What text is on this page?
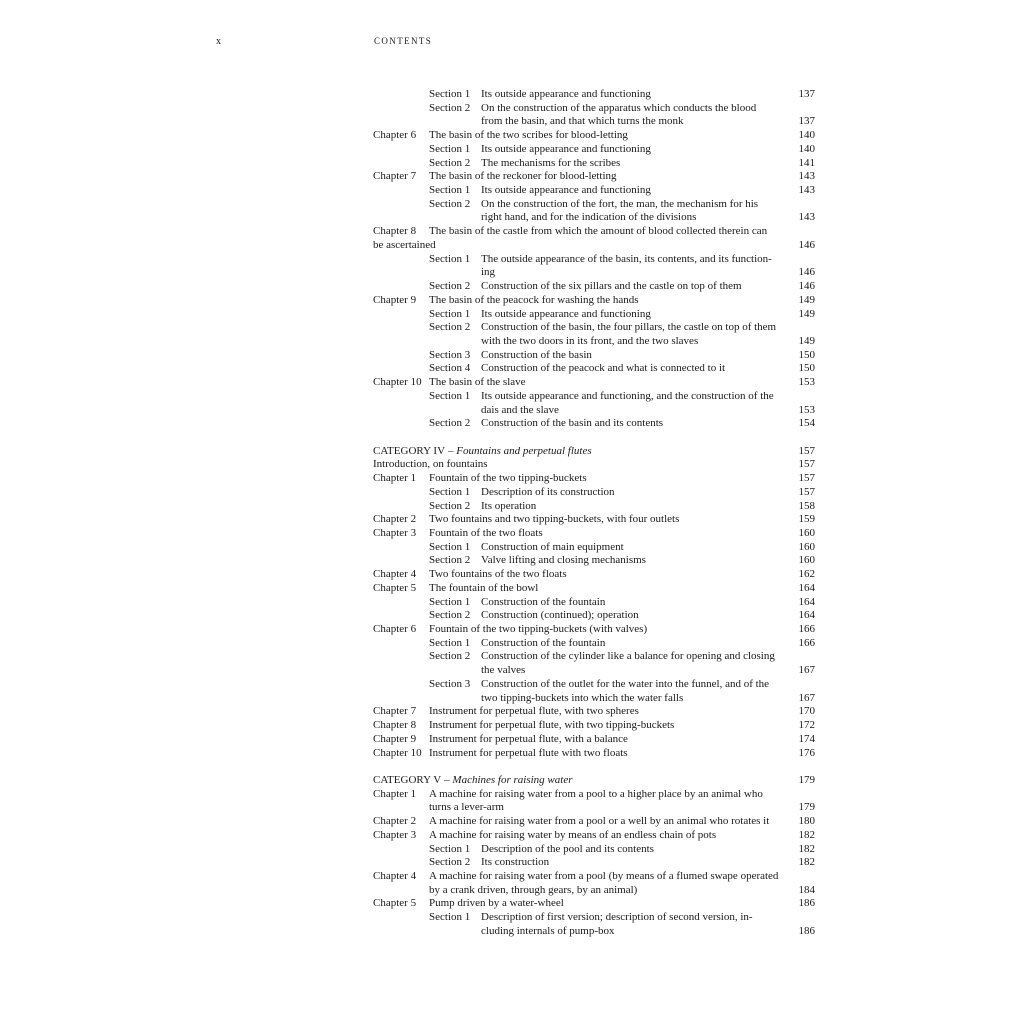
x	CONTENTS
Section 1 Its outside appearance and functioning	137
Section 2 On the construction of the apparatus which conducts the blood
from the basin, and that which turns the monk	137
Chapter 6 The basin of the two scribes for blood-letting	140
Section 1 Its outside appearance and functioning	140
Section 2 The mechanisms for the scribes	141
Chapter 7 The basin of the reckoner for blood-letting	143
Section 1 Its outside appearance and functioning	143
Section 2 On the construction of the fort, the man, the mechanism for his
right hand, and for the indication of the divisions	143
Chapter 8 The basin of the castle from which the amount of blood collected therein can
be ascertained	146
Section 1 The outside appearance of the basin, its contents, and its function-
ing	146
Section 2 Construction of the six pillars and the castle on top of them	146
Chapter 9 The basin of the peacock for washing the hands	149
Section 1 Its outside appearance and functioning	149
Section 2 Construction of the basin, the four pillars, the castle on top of them
with the two doors in its front, and the two slaves	149
Section 3 Construction of the basin	150
Section 4 Construction of the peacock and what is connected to it	150
Chapter 10 The basin of the slave	153
Section 1 Its outside appearance and functioning, and the construction of the
dais and the slave	153
Section 2 Construction of the basin and its contents	154
CATEGORY IV – Fountains and perpetual flutes	157
Introduction, on fountains	157
Chapter 1 Fountain of the two tipping-buckets	157
Section 1 Description of its construction	157
Section 2 Its operation	158
Chapter 2 Two fountains and two tipping-buckets, with four outlets	159
Chapter 3 Fountain of the two floats	160
Section 1 Construction of main equipment	160
Section 2 Valve lifting and closing mechanisms	160
Chapter 4 Two fountains of the two floats	162
Chapter 5 The fountain of the bowl	164
Section 1 Construction of the fountain	164
Section 2 Construction (continued); operation	164
Chapter 6 Fountain of the two tipping-buckets (with valves)	166
Section 1 Construction of the fountain	166
Section 2 Construction of the cylinder like a balance for opening and closing
the valves	167
Section 3 Construction of the outlet for the water into the funnel, and of the
two tipping-buckets into which the water falls	167
Chapter 7 Instrument for perpetual flute, with two spheres	170
Chapter 8 Instrument for perpetual flute, with two tipping-buckets	172
Chapter 9 Instrument for perpetual flute, with a balance	174
Chapter 10 Instrument for perpetual flute with two floats	176
CATEGORY V – Machines for raising water	179
Chapter 1 A machine for raising water from a pool to a higher place by an animal who
turns a lever-arm	179
Chapter 2 A machine for raising water from a pool or a well by an animal who rotates it	180
Chapter 3 A machine for raising water by means of an endless chain of pots	182
Section 1 Description of the pool and its contents	182
Section 2 Its construction	182
Chapter 4 A machine for raising water from a pool (by means of a flumed swape operated
by a crank driven, through gears, by an animal)	184
Chapter 5 Pump driven by a water-wheel	186
Section 1 Description of first version; description of second version, in-
cluding internals of pump-box	186
